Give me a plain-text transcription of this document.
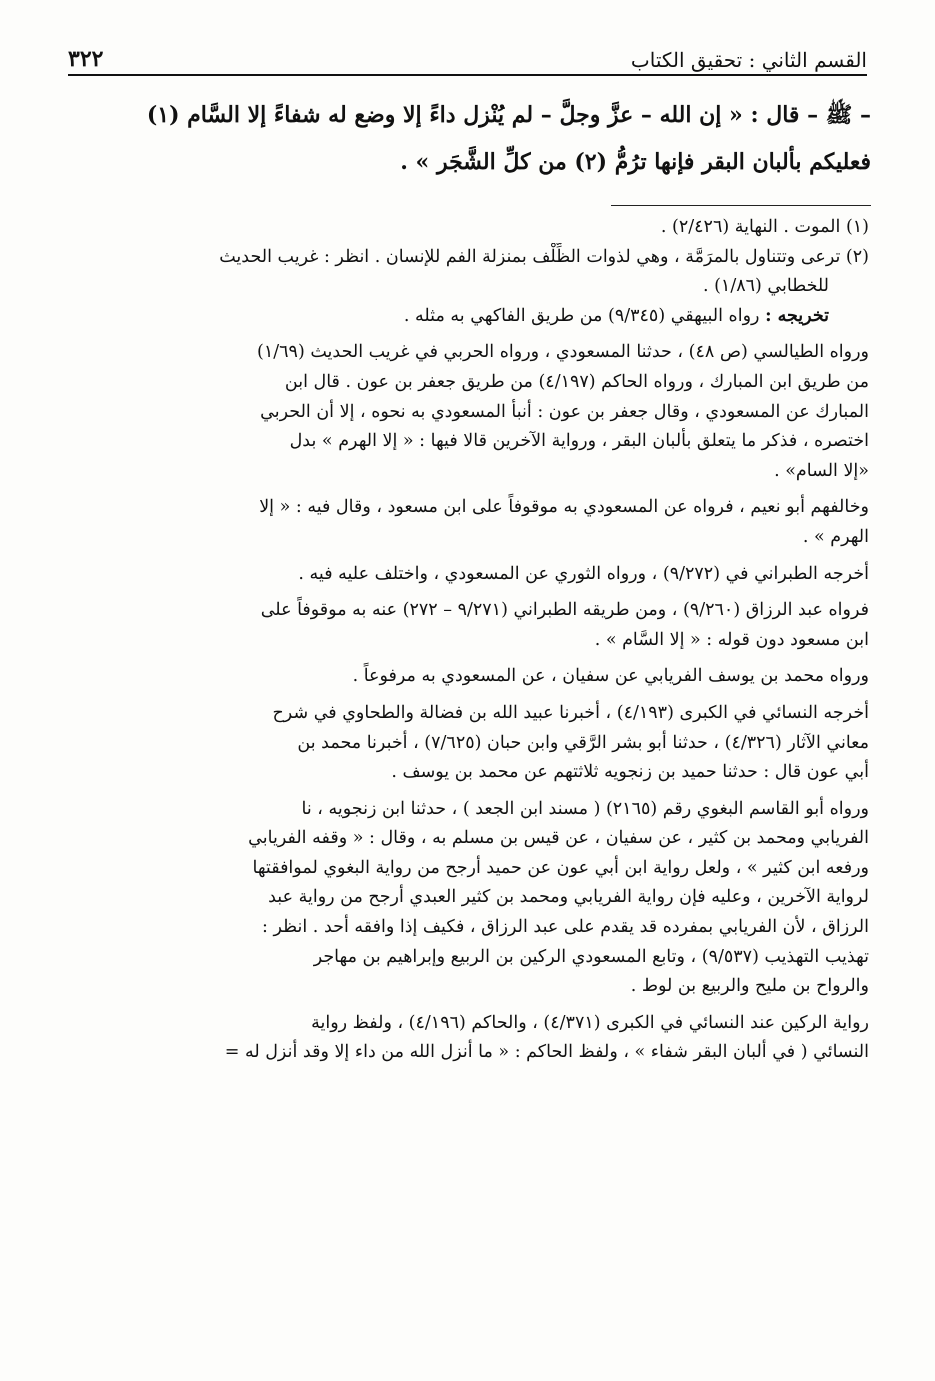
القسم الثاني : تحقيق الكتاب
٣٢٢
– ﷺ – قال : « إن الله – عزَّ وجلَّ – لم يُنْزل داءً إلا وضع له شفاءً إلا السَّام (١)
فعليكم بألبان البقر فإنها ترُمُّ (٢) من كلِّ الشَّجَر » .
(١) الموت . النهاية (٢/٤٢٦) .
(٢) ترعى وتتناول بالمرَمَّة ، وهي لذوات الظِّلْف بمنزلة الفم للإنسان . انظر : غريب الحديث
للخطابي (١/٨٦) .
تخريجه : رواه البيهقي (٩/٣٤٥) من طريق الفاكهي به مثله .
ورواه الطيالسي (ص ٤٨) ، حدثنا المسعودي ، ورواه الحربي في غريب الحديث (١/٦٩)
من طريق ابن المبارك ، ورواه الحاكم (٤/١٩٧) من طريق جعفر بن عون . قال ابن
المبارك عن المسعودي ، وقال جعفر بن عون : أنبأ المسعودي به نحوه ، إلا أن الحربي
اختصره ، فذكر ما يتعلق بألبان البقر ، ورواية الآخرين قالا فيها : « إلا الهرم » بدل
«إلا السام» .
وخالفهم أبو نعيم ، فرواه عن المسعودي به موقوفاً على ابن مسعود ، وقال فيه : « إلا
الهرم » .
أخرجه الطبراني في (٩/٢٧٢) ، ورواه الثوري عن المسعودي ، واختلف عليه فيه .
فرواه عبد الرزاق (٩/٢٦٠) ، ومن طريقه الطبراني (٩/٢٧١ – ٢٧٢) عنه به موقوفاً على
ابن مسعود دون قوله : « إلا السَّام » .
ورواه محمد بن يوسف الفريابي عن سفيان ، عن المسعودي به مرفوعاً .
أخرجه النسائي في الكبرى (٤/١٩٣) ، أخبرنا عبيد الله بن فضالة والطحاوي في شرح
معاني الآثار (٤/٣٢٦) ، حدثنا أبو بشر الرَّقي وابن حبان (٧/٦٢٥) ، أخبرنا محمد بن
أبي عون قال : حدثنا حميد بن زنجويه ثلاثتهم عن محمد بن يوسف .
ورواه أبو القاسم البغوي رقم (٢١٦٥) ( مسند ابن الجعد ) ، حدثنا ابن زنجويه ، نا
الفريابي ومحمد بن كثير ، عن سفيان ، عن قيس بن مسلم به ، وقال : « وقفه الفريابي
ورفعه ابن كثير » ، ولعل رواية ابن أبي عون عن حميد أرجح من رواية البغوي لموافقتها
لرواية الآخرين ، وعليه فإن رواية الفريابي ومحمد بن كثير العبدي أرجح من رواية عبد
الرزاق ، لأن الفريابي بمفرده قد يقدم على عبد الرزاق ، فكيف إذا وافقه أحد . انظر :
تهذيب التهذيب (٩/٥٣٧) ، وتابع المسعودي الركين بن الربيع وإبراهيم بن مهاجر
والرواح بن مليح والربيع بن لوط .
رواية الركين عند النسائي في الكبرى (٤/٣٧١) ، والحاكم (٤/١٩٦) ، ولفظ رواية
النسائي ( في ألبان البقر شفاء » ، ولفظ الحاكم : « ما أنزل الله من داء إلا وقد أنزل له =
